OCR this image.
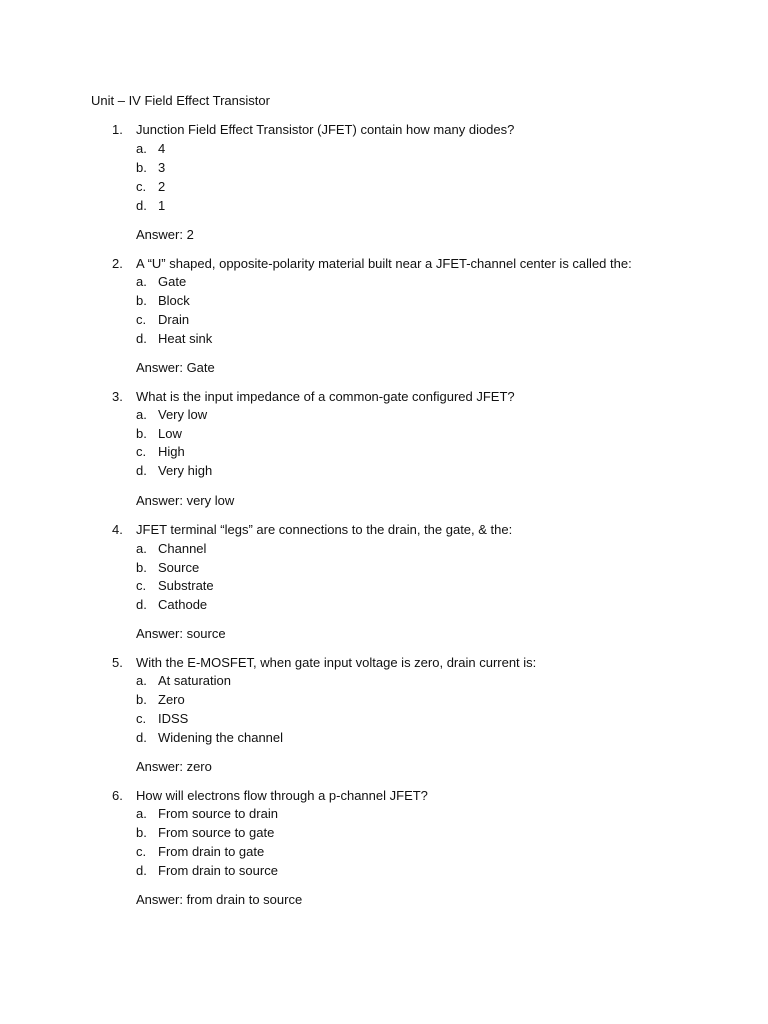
Unit – IV Field Effect Transistor
1.	Junction Field Effect Transistor (JFET) contain how many diodes?
a. 4
b. 3
c. 2
d. 1
Answer: 2
2.	A “U” shaped, opposite-polarity material built near a JFET-channel center is called the:
a. Gate
b. Block
c. Drain
d. Heat sink
Answer: Gate
3.	What is the input impedance of a common-gate configured JFET?
a. Very low
b. Low
c. High
d. Very high
Answer: very low
4.	JFET terminal “legs” are connections to the drain, the gate, & the:
a. Channel
b. Source
c. Substrate
d. Cathode
Answer: source
5.	With the E-MOSFET, when gate input voltage is zero, drain current is:
a. At saturation
b. Zero
c. IDSS
d. Widening the channel
Answer: zero
6.	How will electrons flow through a p-channel JFET?
a. From source to drain
b. From source to gate
c. From drain to gate
d. From drain to source
Answer: from drain to source
